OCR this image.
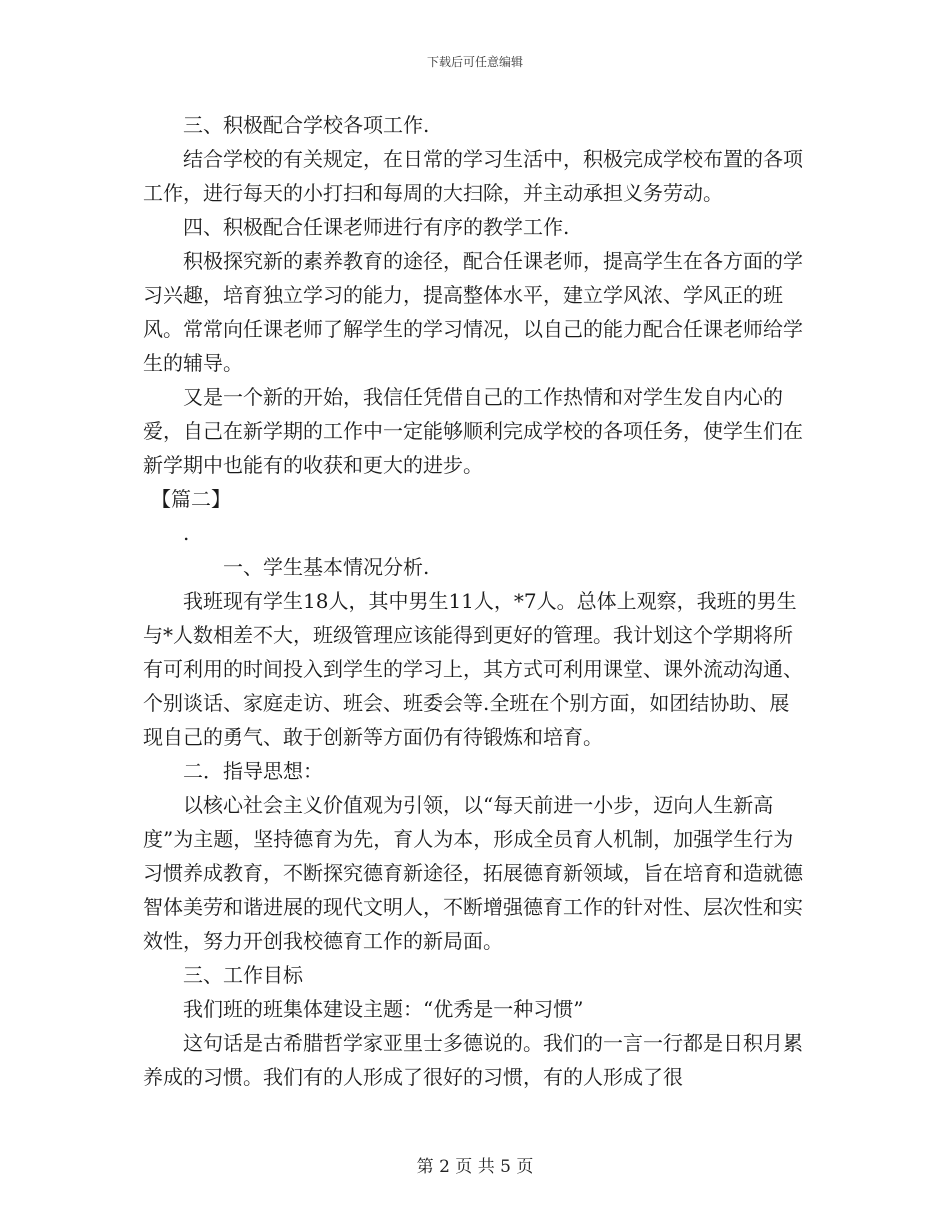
下载后可任意编辑

三、积极配合学校各项工作.

结合学校的有关规定，在日常的学习生活中，积极完成学校布置的各项工作，进行每天的小打扫和每周的大扫除，并主动承担义务劳动。

四、积极配合任课老师进行有序的教学工作.

积极探究新的素养教育的途径，配合任课老师，提高学生在各方面的学习兴趣，培育独立学习的能力，提高整体水平，建立学风浓、学风正的班风。常常向任课老师了解学生的学习情况，以自己的能力配合任课老师给学生的辅导。

又是一个新的开始，我信任凭借自己的工作热情和对学生发自内心的爱，自己在新学期的工作中一定能够顺利完成学校的各项任务，使学生们在新学期中也能有的收获和更大的进步。

【篇二】

.

一、学生基本情况分析.

我班现有学生18人，其中男生11人，*7人。总体上观察，我班的男生与*人数相差不大，班级管理应该能得到更好的管理。我计划这个学期将所有可利用的时间投入到学生的学习上，其方式可利用课堂、课外流动沟通、个别谈话、家庭走访、班会、班委会等.全班在个别方面，如团结协助、展现自己的勇气、敢于创新等方面仍有待锻炼和培育。

二．指导思想：

以核心社会主义价值观为引领，以“每天前进一小步，迈向人生新高度”为主题，坚持德育为先，育人为本，形成全员育人机制，加强学生行为习惯养成教育，不断探究德育新途径，拓展德育新领域，旨在培育和造就德智体美劳和谐进展的现代文明人，不断增强德育工作的针对性、层次性和实效性，努力开创我校德育工作的新局面。

三、工作目标

我们班的班集体建设主题：“优秀是一种习惯”

这句话是古希腊哲学家亚里士多德说的。我们的一言一行都是日积月累养成的习惯。我们有的人形成了很好的习惯，有的人形成了很

第 2 页 共 5 页
